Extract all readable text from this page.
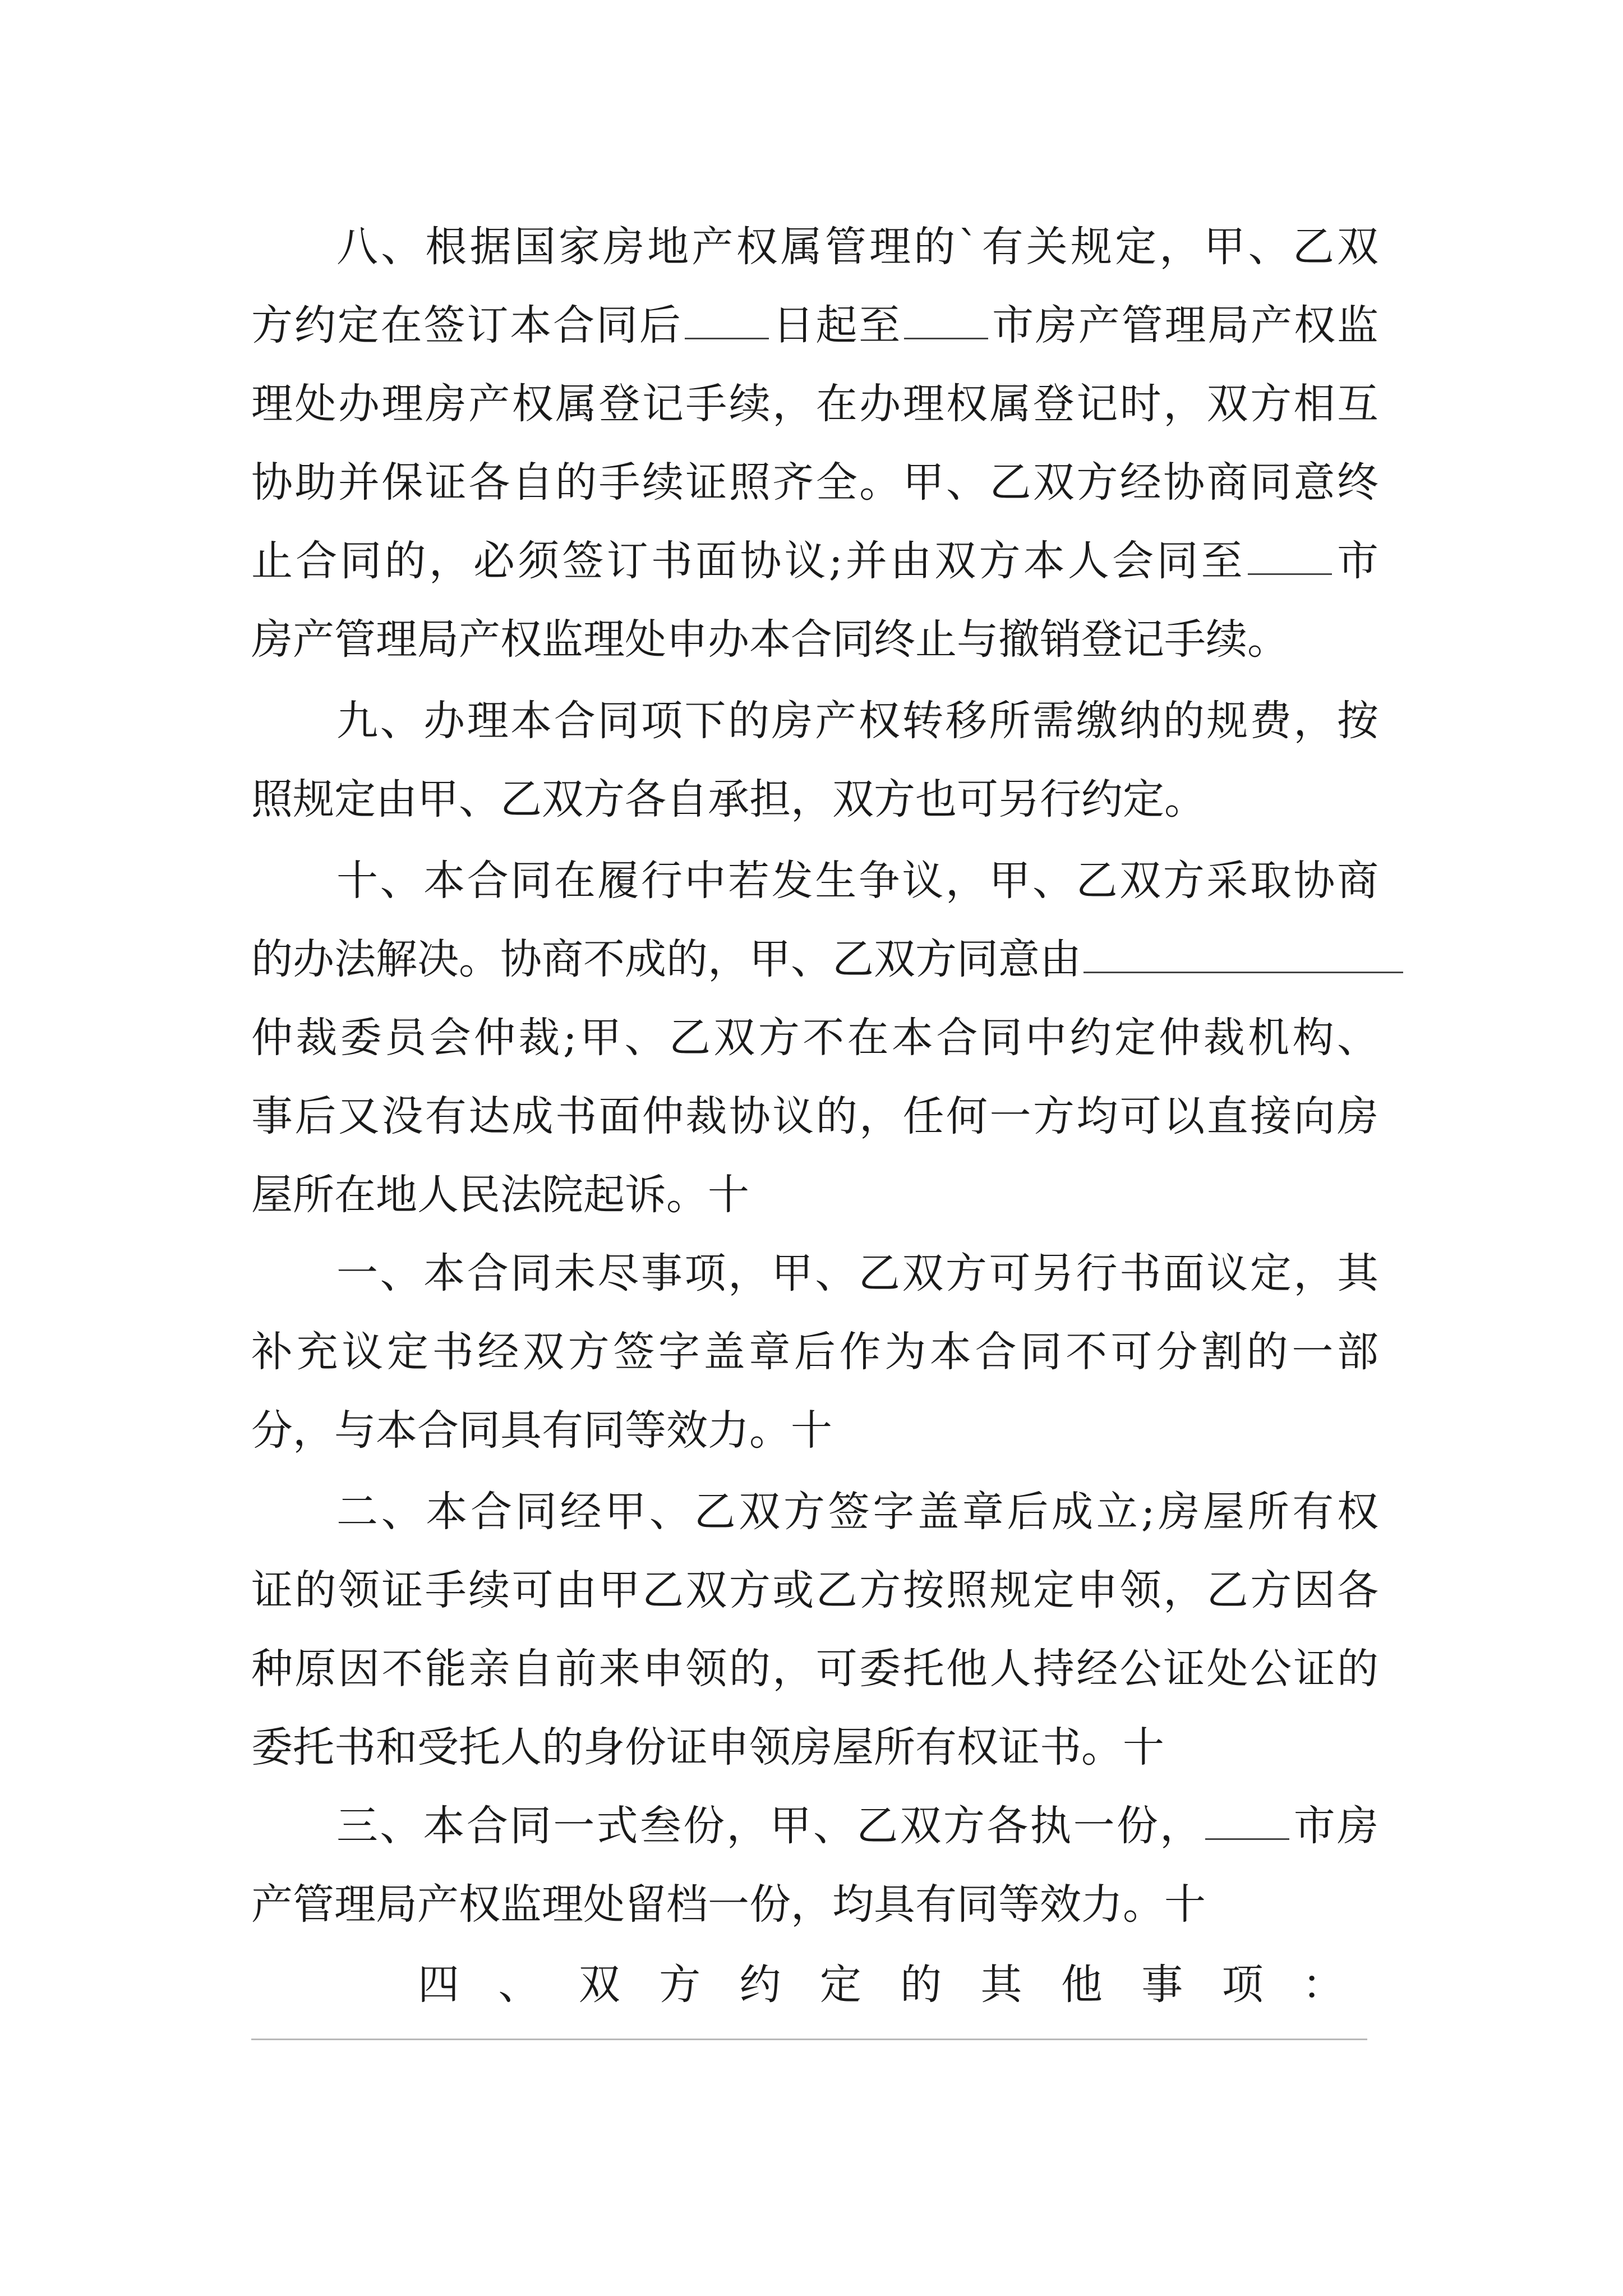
八、根据国家房地产权属管理的`有关规定，甲、乙双
方约定在签订本合同后 日起至 市房产管理局产权监
理处办理房产权属登记手续，在办理权属登记时，双方相互
协助并保证各自的手续证照齐全。甲、乙双方经协商同意终
止合同的，必须签订书面协议;并由双方本人会同至 市
房产管理局产权监理处申办本合同终止与撤销登记手续。
九、办理本合同项下的房产权转移所需缴纳的规费，按
照规定由甲、乙双方各自承担，双方也可另行约定。
十、本合同在履行中若发生争议，甲、乙双方采取协商
的办法解决。协商不成的，甲、乙双方同意由
仲裁委员会仲裁;甲、乙双方不在本合同中约定仲裁机构、
事后又没有达成书面仲裁协议的，任何一方均可以直接向房
屋所在地人民法院起诉。十
一、本合同未尽事项，甲、乙双方可另行书面议定，其
补充议定书经双方签字盖章后作为本合同不可分割的一部
分，与本合同具有同等效力。十
二、本合同经甲、乙双方签字盖章后成立;房屋所有权
证的领证手续可由甲乙双方或乙方按照规定申领，乙方因各
种原因不能亲自前来申领的，可委托他人持经公证处公证的
委托书和受托人的身份证申领房屋所有权证书。十
三、本合同一式叁份，甲、乙双方各执一份， 市房
产管理局产权监理处留档一份，均具有同等效力。十
四、双方约定的其他事项：
